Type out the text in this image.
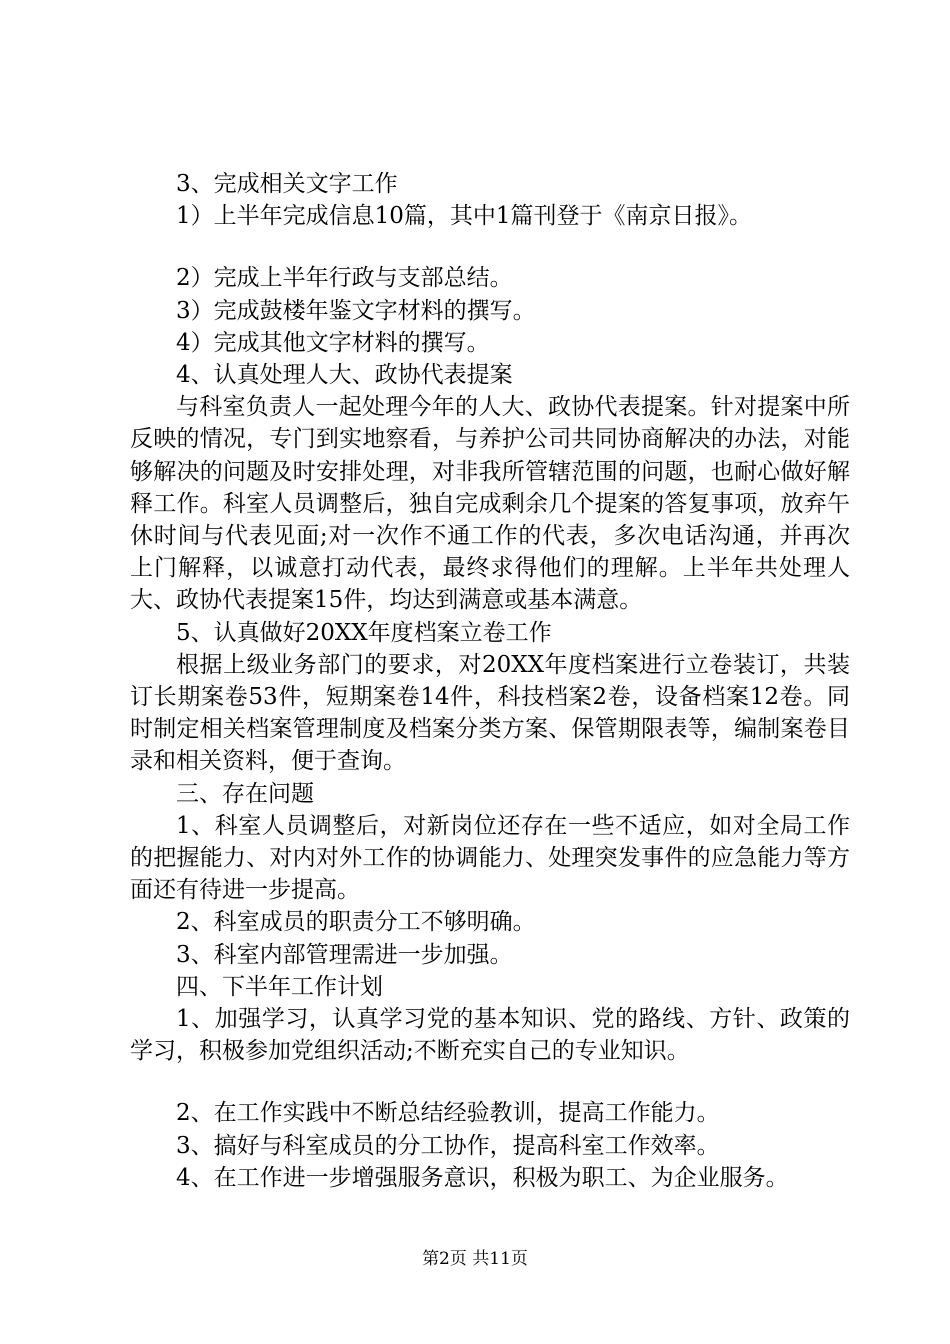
3、完成相关文字工作

1）上半年完成信息10篇，其中1篇刊登于《南京日报》。

2）完成上半年行政与支部总结。

3）完成鼓楼年鉴文字材料的撰写。

4）完成其他文字材料的撰写。

4、认真处理人大、政协代表提案

与科室负责人一起处理今年的人大、政协代表提案。针对提案中所反映的情况，专门到实地察看，与养护公司共同协商解决的办法，对能够解决的问题及时安排处理，对非我所管辖范围的问题，也耐心做好解释工作。科室人员调整后，独自完成剩余几个提案的答复事项，放弃午休时间与代表见面;对一次作不通工作的代表，多次电话沟通，并再次上门解释，以诚意打动代表，最终求得他们的理解。上半年共处理人大、政协代表提案15件，均达到满意或基本满意。

5、认真做好20XX年度档案立卷工作

根据上级业务部门的要求，对20XX年度档案进行立卷装订，共装订长期案卷53件，短期案卷14件，科技档案2卷，设备档案12卷。同时制定相关档案管理制度及档案分类方案、保管期限表等，编制案卷目录和相关资料，便于查询。

三、存在问题

1、科室人员调整后，对新岗位还存在一些不适应，如对全局工作的把握能力、对内对外工作的协调能力、处理突发事件的应急能力等方面还有待进一步提高。

2、科室成员的职责分工不够明确。

3、科室内部管理需进一步加强。

四、下半年工作计划

1、加强学习，认真学习党的基本知识、党的路线、方针、政策的学习，积极参加党组织活动;不断充实自己的专业知识。

2、在工作实践中不断总结经验教训，提高工作能力。

3、搞好与科室成员的分工协作，提高科室工作效率。

4、在工作进一步增强服务意识，积极为职工、为企业服务。

第2页 共11页
